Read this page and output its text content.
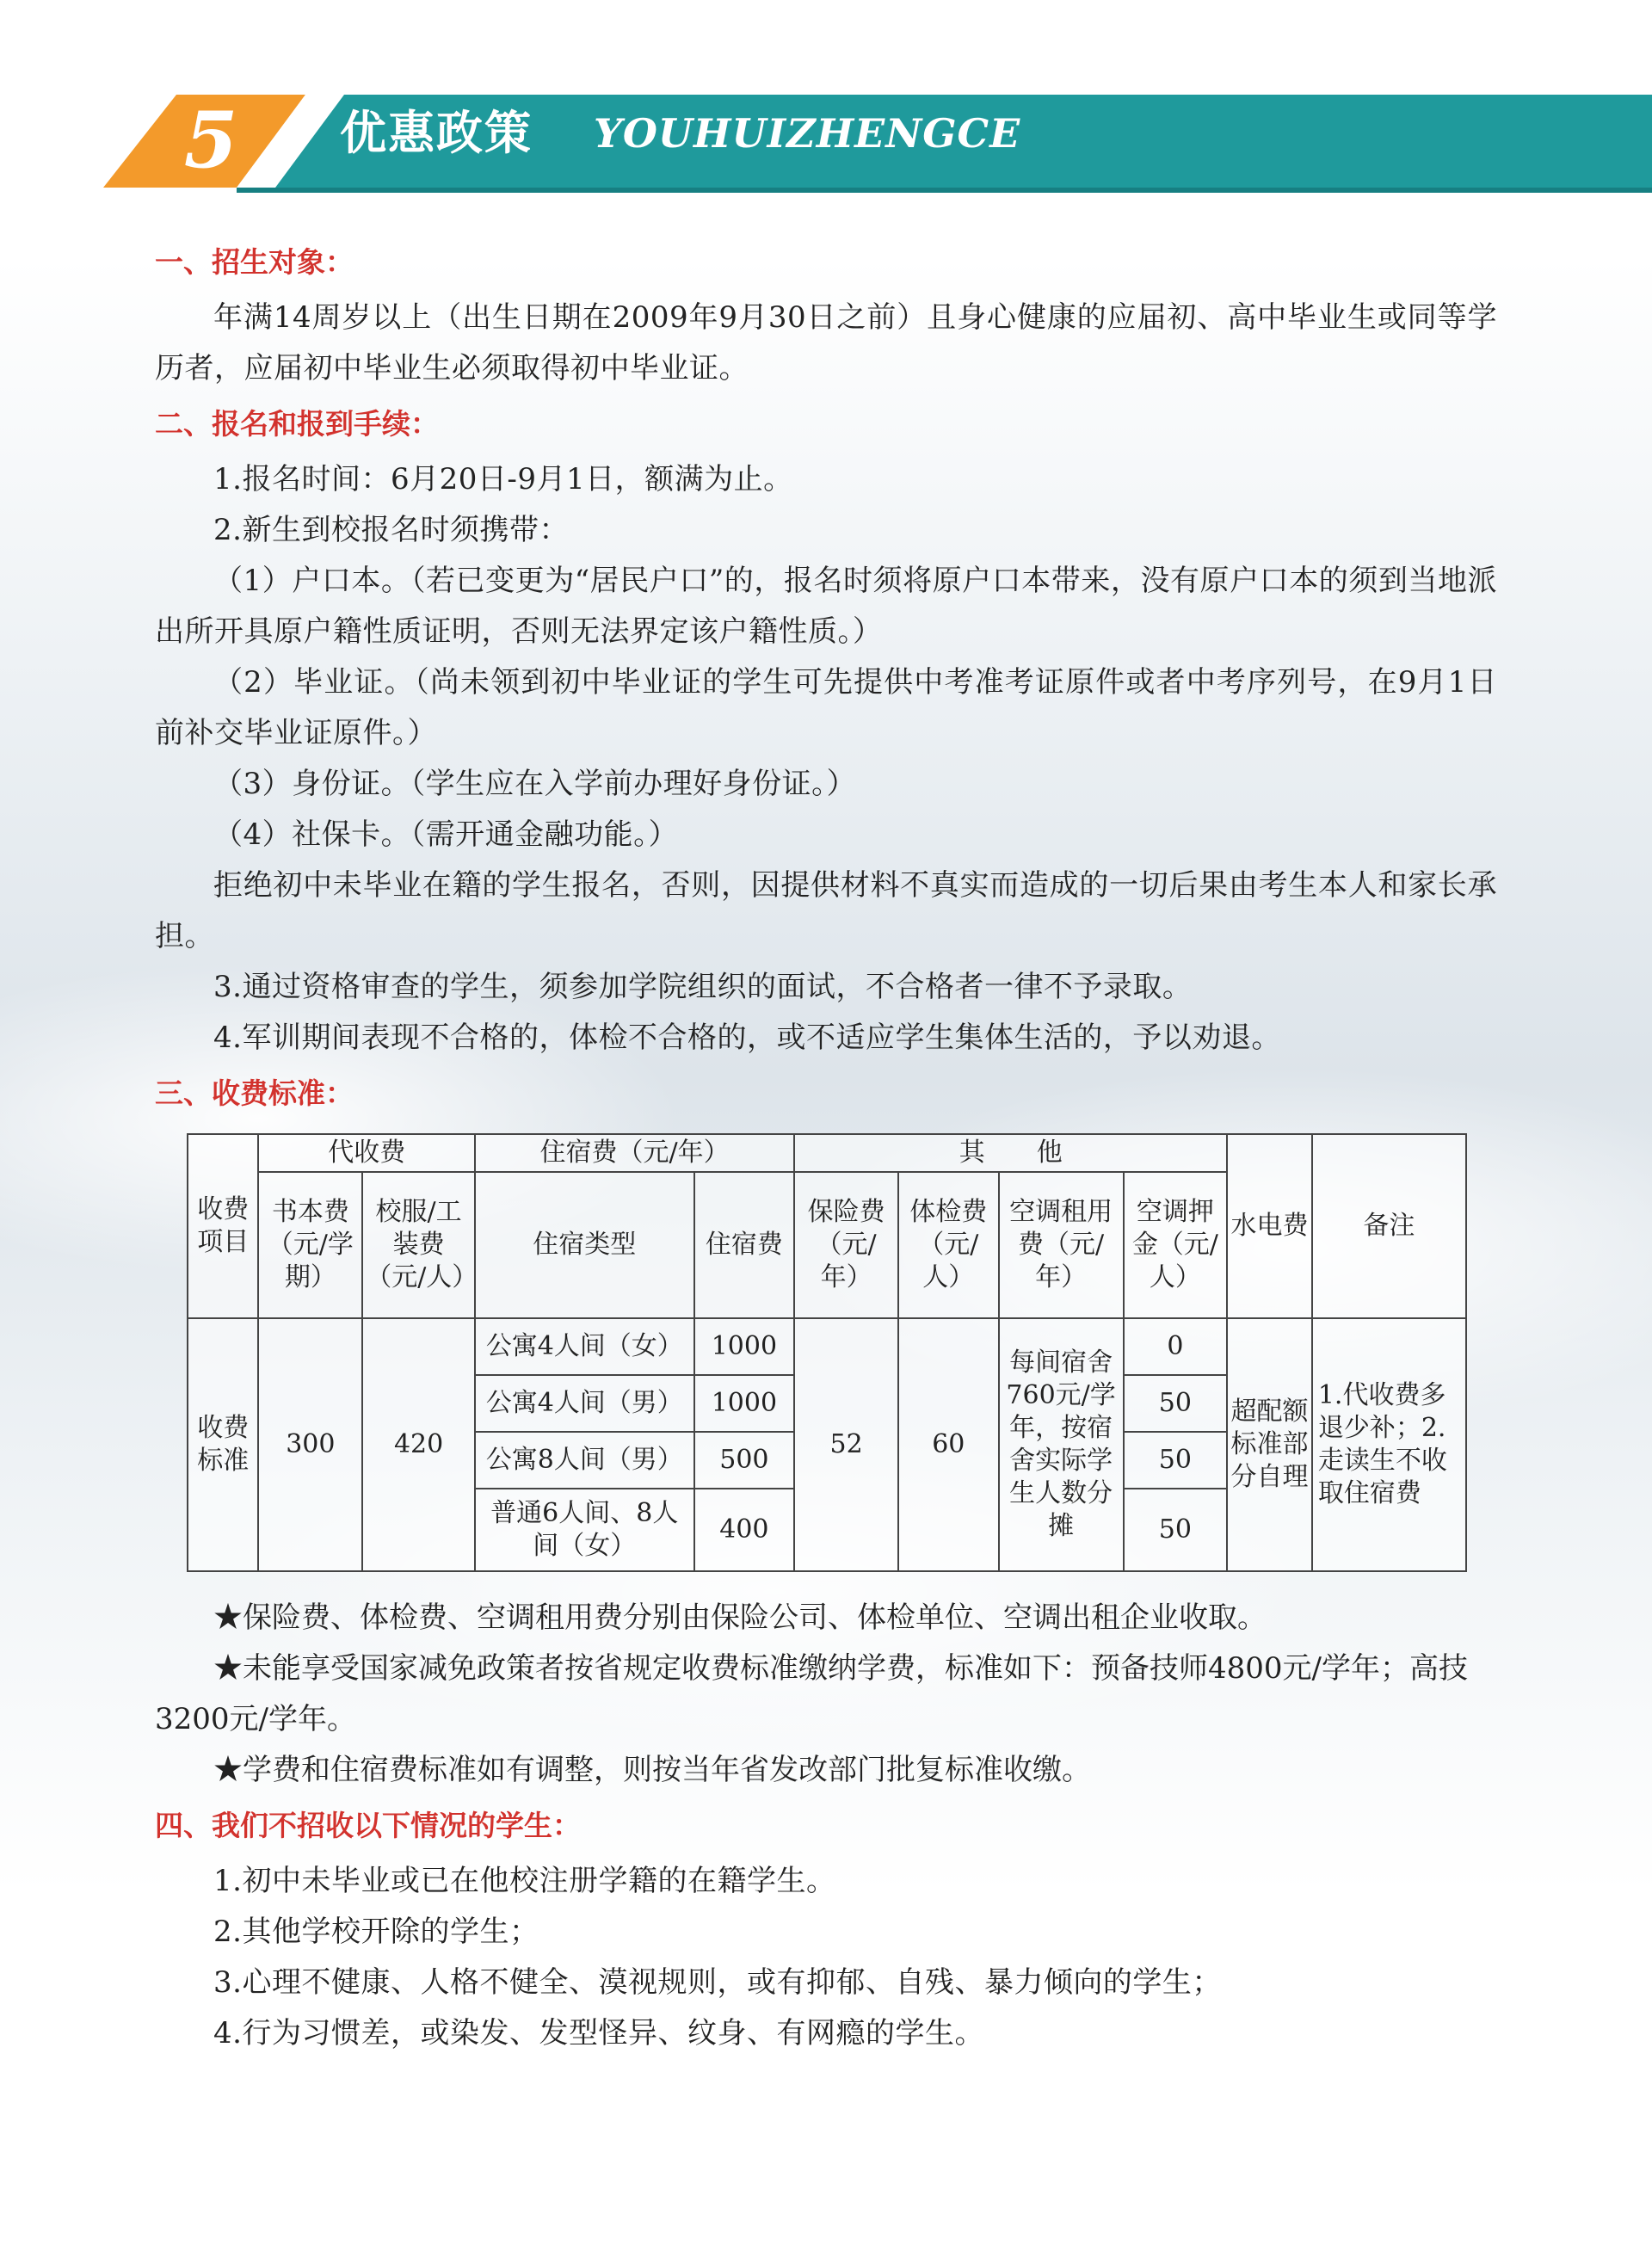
5 优惠政策 YOUHUIZHENGCE
一、招生对象：

年满14周岁以上（出生日期在2009年9月30日之前）且身心健康的应届初、高中毕业生或同等学历者，应届初中毕业生必须取得初中毕业证。

二、报名和报到手续：

1.报名时间：6月20日-9月1日，额满为止。

2.新生到校报名时须携带：

（1）户口本。（若已变更为“居民户口”的，报名时须将原户口本带来，没有原户口本的须到当地派出所开具原户籍性质证明，否则无法界定该户籍性质。）

（2）毕业证。（尚未领到初中毕业证的学生可先提供中考准考证原件或者中考序列号，在9月1日前补交毕业证原件。）

（3）身份证。（学生应在入学前办理好身份证。）

（4）社保卡。（需开通金融功能。）

拒绝初中未毕业在籍的学生报名，否则，因提供材料不真实而造成的一切后果由考生本人和家长承担。

3.通过资格审查的学生，须参加学院组织的面试，不合格者一律不予录取。

4.军训期间表现不合格的，体检不合格的，或不适应学生集体生活的，予以劝退。

三、收费标准：
收费项目	代收费		住宿费（元/年）		其　　他				水电费	备注
	书本费（元/学期）	校服/工装费（元/人）	住宿类型	住宿费	保险费（元/年）	体检费（元/人）	空调租用费（元/年）	空调押金（元/人）		
收费标准	300	420	公寓4人间（女）	1000	52	60	每间宿舍760元/学年，按宿舍实际学生人数分摊	0	超配额标准部分自理	1.代收费多退少补；2.走读生不收取住宿费
			公寓4人间（男）	1000				50		
			公寓8人间（男）	500				50		
			普通6人间、8人间（女）	400				50		

★保险费、体检费、空调租用费分别由保险公司、体检单位、空调出租企业收取。

★未能享受国家减免政策者按省规定收费标准缴纳学费，标准如下：预备技师4800元/学年；高技3200元/学年。

★学费和住宿费标准如有调整，则按当年省发改部门批复标准收缴。

四、我们不招收以下情况的学生：

1.初中未毕业或已在他校注册学籍的在籍学生。

2.其他学校开除的学生；

3.心理不健康、人格不健全、漠视规则，或有抑郁、自残、暴力倾向的学生；

4.行为习惯差，或染发、发型怪异、纹身、有网瘾的学生。
